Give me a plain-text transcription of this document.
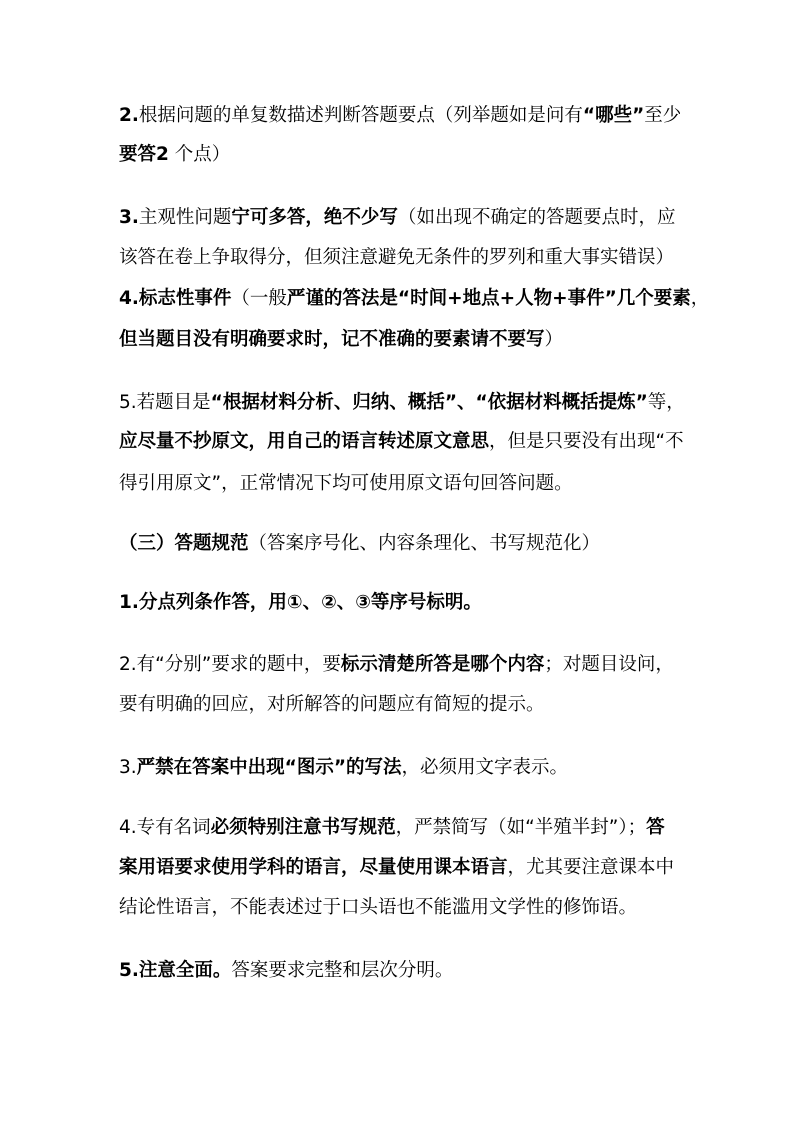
2.根据问题的单复数描述判断答题要点（列举题如是问有“哪些”至少
要答2 个点）
3.主观性问题宁可多答，绝不少写（如出现不确定的答题要点时，应
该答在卷上争取得分，但须注意避免无条件的罗列和重大事实错误）
4.标志性事件（一般严谨的答法是“时间+地点+人物+事件”几个要素，
但当题目没有明确要求时，记不准确的要素请不要写）
5.若题目是“根据材料分析、归纳、概括”、“依据材料概括提炼”等，
应尽量不抄原文，用自己的语言转述原文意思，但是只要没有出现“不
得引用原文”，正常情况下均可使用原文语句回答问题。
（三）答题规范（答案序号化、内容条理化、书写规范化）
1.分点列条作答，用①、②、③等序号标明。
2.有“分别”要求的题中，要标示清楚所答是哪个内容；对题目设问，
要有明确的回应，对所解答的问题应有简短的提示。
3.严禁在答案中出现“图示”的写法，必须用文字表示。
4.专有名词必须特别注意书写规范，严禁简写（如“半殖半封”）；答
案用语要求使用学科的语言，尽量使用课本语言，尤其要注意课本中
结论性语言，不能表述过于口头语也不能滥用文学性的修饰语。
5.注意全面。答案要求完整和层次分明。
